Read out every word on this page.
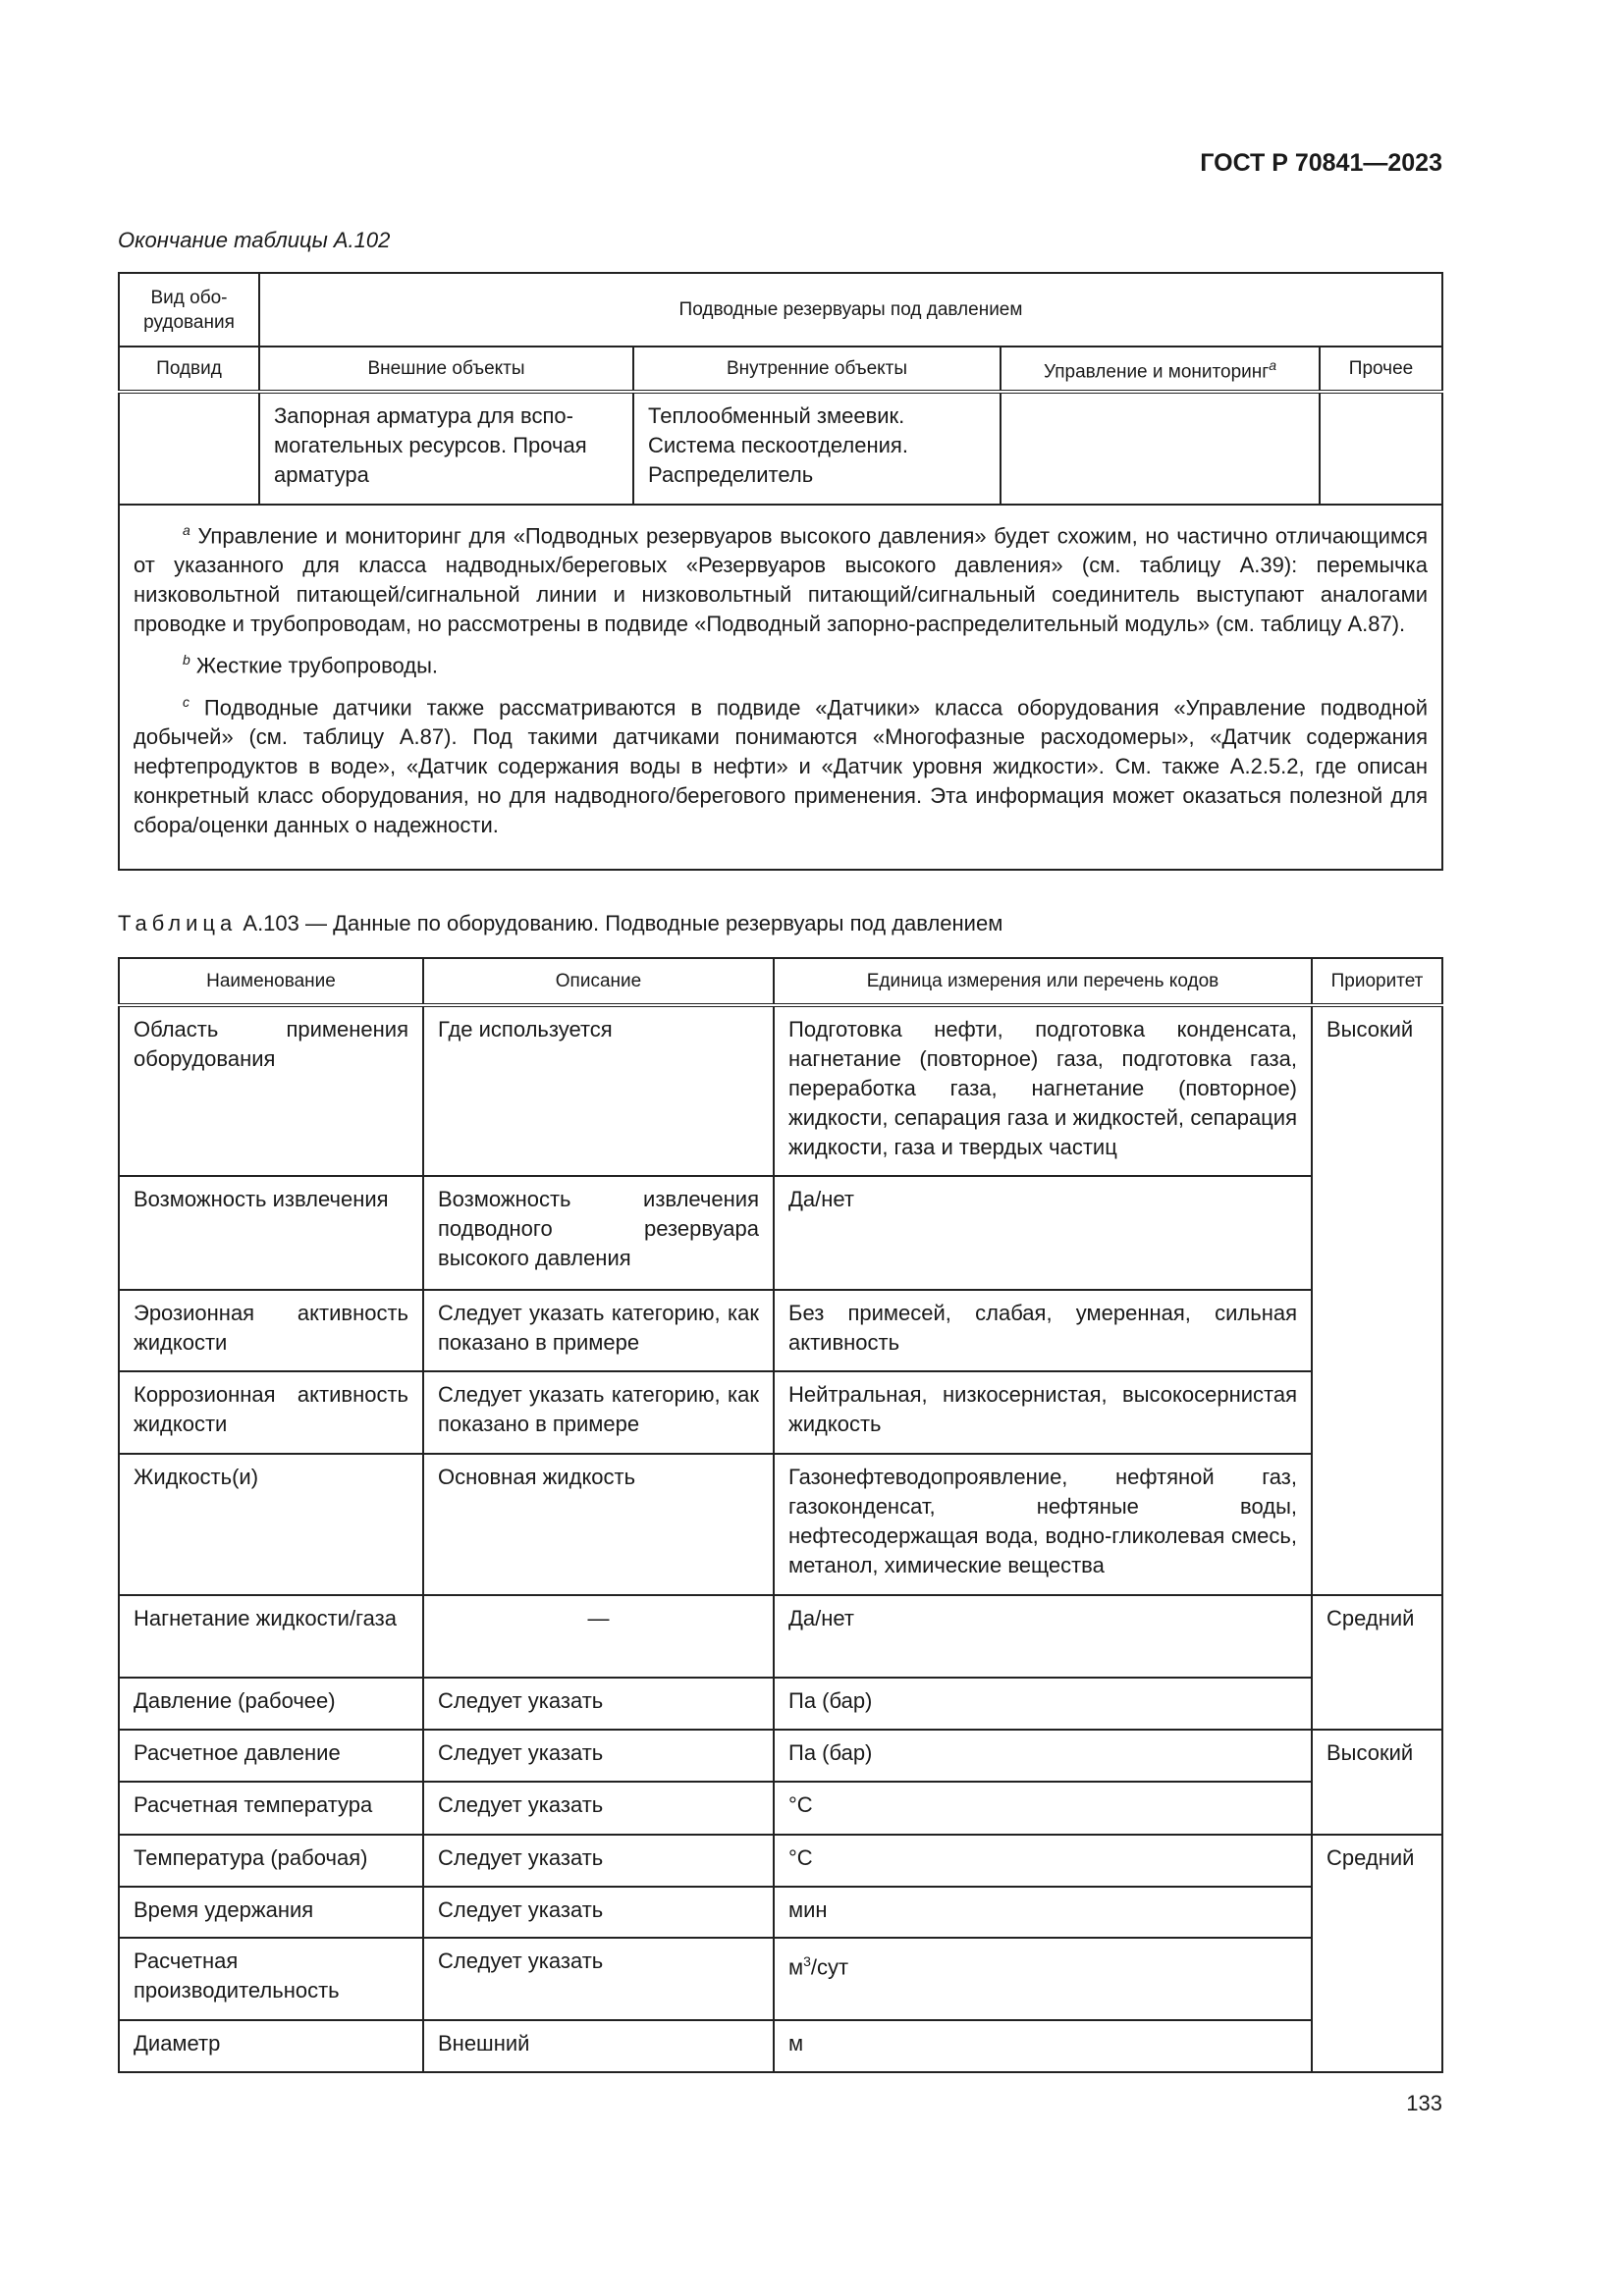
ГОСТ Р 70841—2023
Окончание таблицы А.102
Вид обо-рудования	Подводные резервуары под давлением			
Подвид	Внешние объекты	Внутренние объекты	Управление и мониторинг$^a$	Прочее
	Запорная арматура для вспо-могательных ресурсов. Прочая арматура	Теплообменный змеевик. Система пескоотделения. Распределитель		

$^a$ Управление и мониторинг для «Подводных резервуаров высокого давления» будет схожим, но частично отличающимся от указанного для класса надводных/береговых «Резервуаров высокого давления» (см. таблицу А.39): перемычка низковольтной питающей/сигнальной линии и низковольтный питающий/сигнальный соединитель выступают аналогами проводке и трубопроводам, но рассмотрены в подвиде «Подводный запорно-распределительный модуль» (см. таблицу А.87).

$^b$ Жесткие трубопроводы.

$^c$ Подводные датчики также рассматриваются в подвиде «Датчики» класса оборудования «Управление подводной добычей» (см. таблицу А.87). Под такими датчиками понимаются «Многофазные расходомеры», «Датчик содержания нефтепродуктов в воде», «Датчик содержания воды в нефти» и «Датчик уровня жидкости». См. также А.2.5.2, где описан конкретный класс оборудования, но для надводного/берегового применения. Эта информация может оказаться полезной для сбора/оценки данных о надежности.				

Таблица А.103 — Данные по оборудованию. Подводные резервуары под давлением
Наименование	Описание	Единица измерения или перечень кодов	Приоритет
Область применения оборудования	Где используется	Подготовка нефти, подготовка конденсата, нагнетание (повторное) газа, подготовка газа, переработка газа, нагнетание (повторное) жидкости, сепарация газа и жидкостей, сепарация жидкости, газа и твердых частиц	Высокий
Возможность извлечения	Возможность извлечения подводного резервуара высокого давления	Да/нет	
Эрозионная активность жидкости	Следует указать категорию, как показано в примере	Без примесей, слабая, умеренная, сильная активность	
Коррозионная активность жидкости	Следует указать категорию, как показано в примере	Нейтральная, низкосернистая, высокосернистая жидкость	
Жидкость(и)	Основная жидкость	Газонефтеводопроявление, нефтяной газ, газоконденсат, нефтяные воды, нефтесодержащая вода, водно-гликолевая смесь, метанол, химические вещества	
Нагнетание жидкости/газа	—	Да/нет	Средний
Давление (рабочее)	Следует указать	Па (бар)	
Расчетное давление	Следует указать	Па (бар)	Высокий
Расчетная температура	Следует указать	°С	
Температура (рабочая)	Следует указать	°С	Средний
Время удержания	Следует указать	мин	
Расчетная производительность	Следует указать	$м^3$/сут	
Диаметр	Внешний	м	
133
